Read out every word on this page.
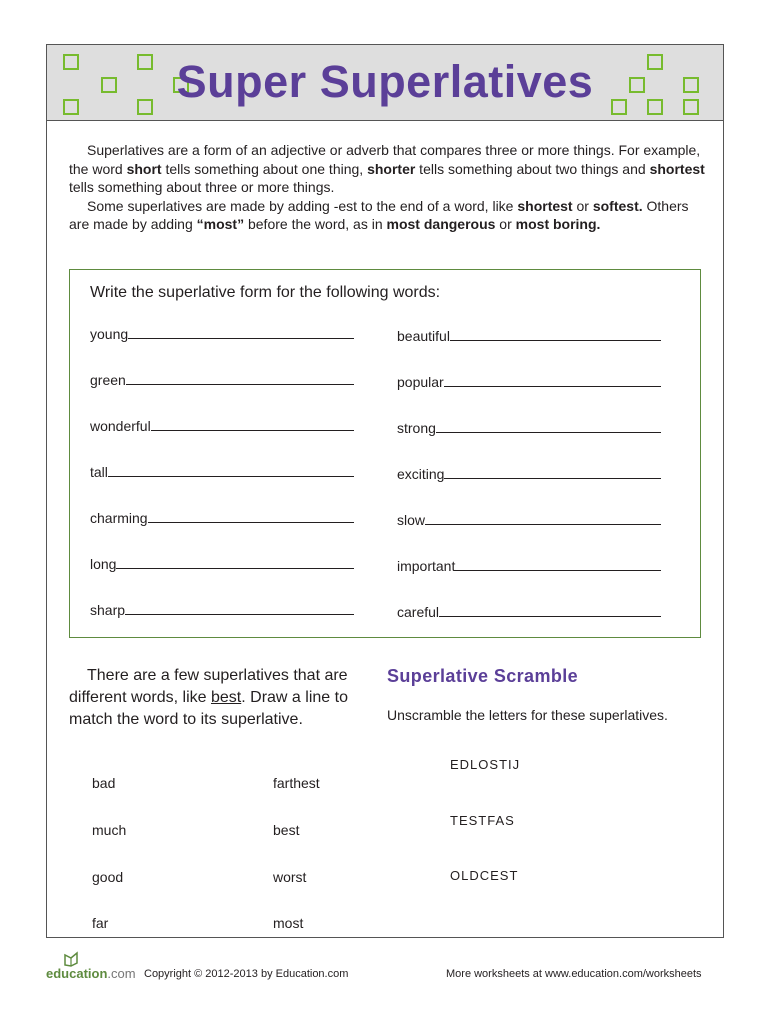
Super Superlatives

Superlatives are a form of an adjective or adverb that compares three or more things. For example, the word short tells something about one thing, shorter tells something about two things and shortest tells something about three or more things.

Some superlatives are made by adding -est to the end of a word, like shortest or softest. Others are made by adding “most” before the word, as in most dangerous or most boring.

Write the superlative form for the following words:
young
green
wonderful
tall
charming
long
sharp
beautiful
popular
strong
exciting
slow
important
careful
There are a few superlatives that are different words, like best. Draw a line to match the word to its superlative.
bad
much
good
far
farthest
best
worst
most
Superlative Scramble
Unscramble the letters for these superlatives.
EDLOSTIJ
TESTFAS
OLDCEST
education.com Copyright © 2012-2013 by Education.com	More worksheets at www.education.com/worksheets
